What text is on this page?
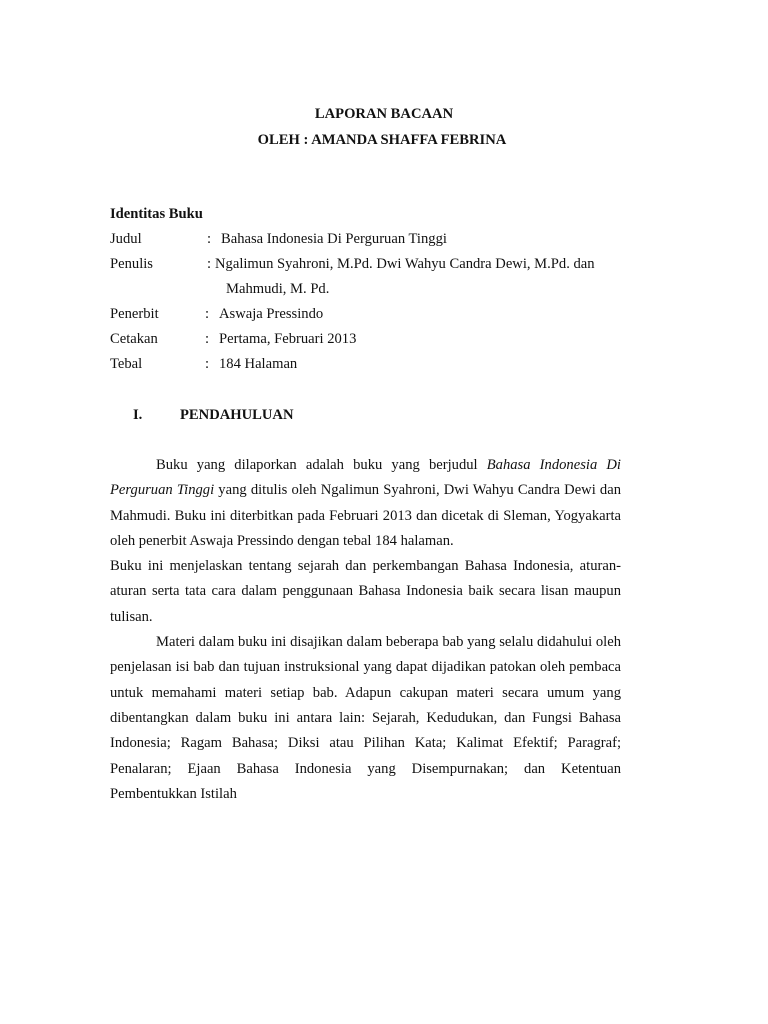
LAPORAN BACAAN
OLEH : AMANDA SHAFFA FEBRINA
Identitas Buku
Judul	: Bahasa Indonesia Di Perguruan Tinggi
Penulis	: Ngalimun Syahroni, M.Pd. Dwi Wahyu Candra Dewi, M.Pd. dan
Mahmudi, M. Pd.
Penerbit	: Aswaja Pressindo
Cetakan	: Pertama, Februari 2013
Tebal	: 184 Halaman
I.	PENDAHULUAN

Buku yang dilaporkan adalah buku yang berjudul Bahasa Indonesia Di Perguruan Tinggi yang ditulis oleh Ngalimun Syahroni, Dwi Wahyu Candra Dewi dan Mahmudi. Buku ini diterbitkan pada Februari 2013 dan dicetak di Sleman, Yogyakarta oleh penerbit Aswaja Pressindo dengan tebal 184 halaman.

Buku ini menjelaskan tentang sejarah dan perkembangan Bahasa Indonesia, aturan-aturan serta tata cara dalam penggunaan Bahasa Indonesia baik secara lisan maupun tulisan.

Materi dalam buku ini disajikan dalam beberapa bab yang selalu didahului oleh penjelasan isi bab dan tujuan instruksional yang dapat dijadikan patokan oleh pembaca untuk memahami materi setiap bab. Adapun cakupan materi secara umum yang dibentangkan dalam buku ini antara lain: Sejarah, Kedudukan, dan Fungsi Bahasa Indonesia; Ragam Bahasa; Diksi atau Pilihan Kata; Kalimat Efektif; Paragraf; Penalaran; Ejaan Bahasa Indonesia yang Disempurnakan; dan Ketentuan Pembentukkan Istilah
